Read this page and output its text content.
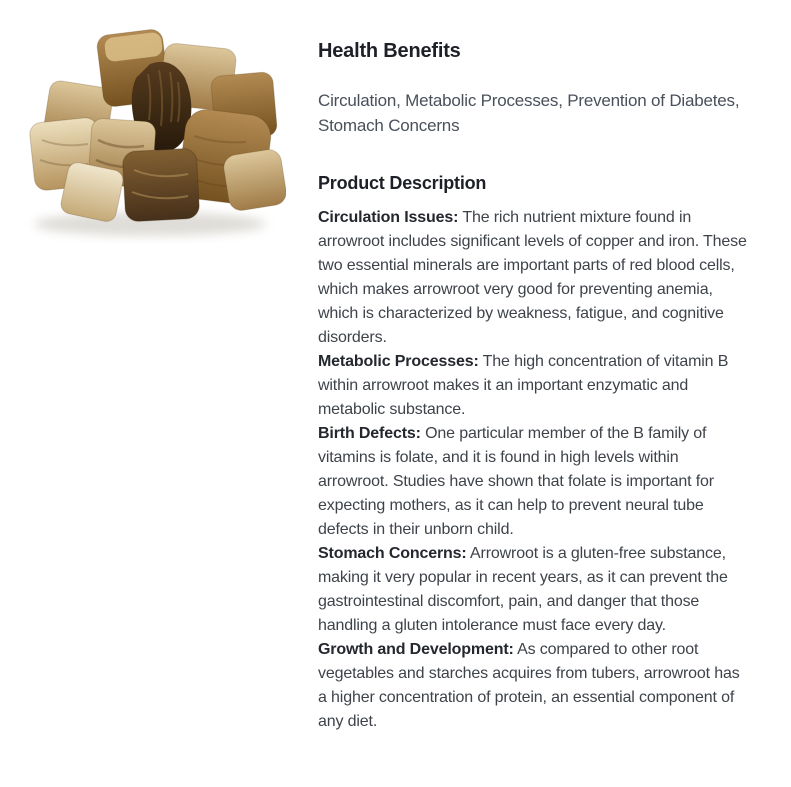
Health Benefits

Circulation, Metabolic Processes, Prevention of Diabetes, Stomach Concerns

Product Description

Circulation Issues: The rich nutrient mixture found in arrowroot includes significant levels of copper and iron. These two essential minerals are important parts of red blood cells, which makes arrowroot very good for preventing anemia, which is characterized by weakness, fatigue, and cognitive disorders.

Metabolic Processes: The high concentration of vitamin B within arrowroot makes it an important enzymatic and metabolic substance.

Birth Defects: One particular member of the B family of vitamins is folate, and it is found in high levels within arrowroot. Studies have shown that folate is important for expecting mothers, as it can help to prevent neural tube defects in their unborn child.

Stomach Concerns: Arrowroot is a gluten-free substance, making it very popular in recent years, as it can prevent the gastrointestinal discomfort, pain, and danger that those handling a gluten intolerance must face every day.

Growth and Development: As compared to other root vegetables and starches acquires from tubers, arrowroot has a higher concentration of protein, an essential component of any diet.
